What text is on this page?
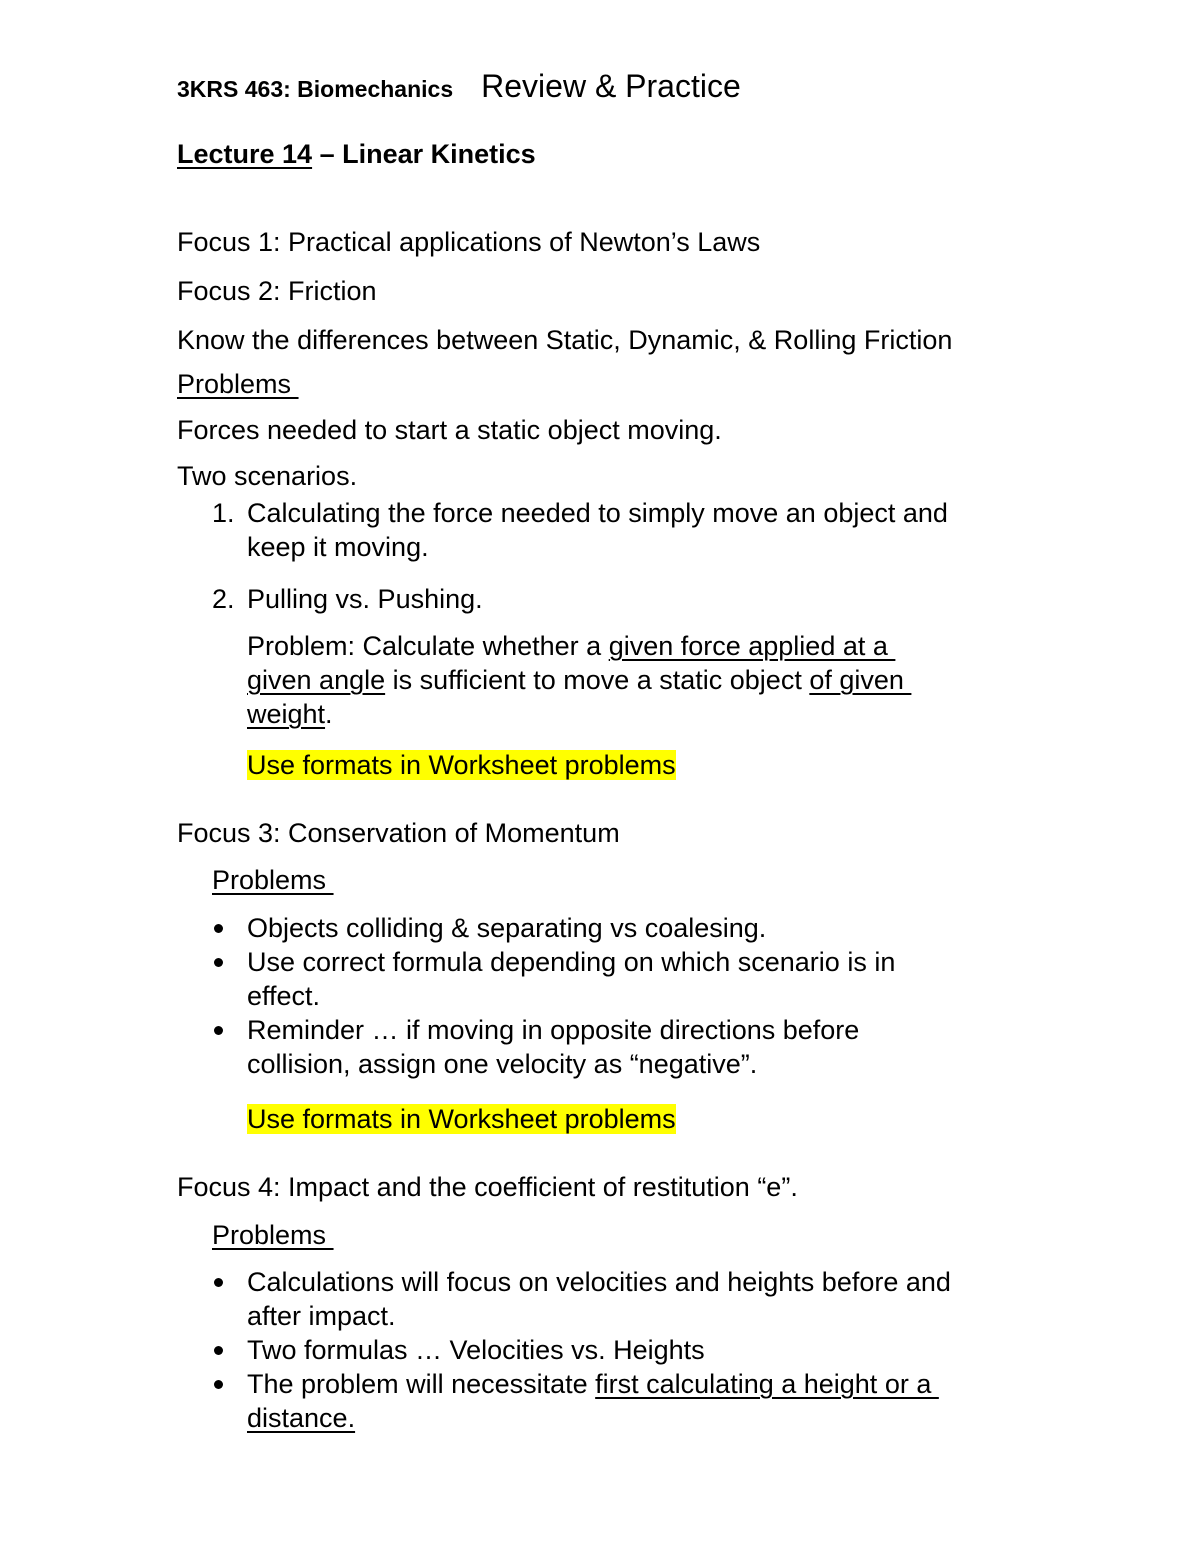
3KRS 463: Biomechanics Review & Practice
Lecture 14 – Linear Kinetics
Focus 1: Practical applications of Newton’s Laws
Focus 2: Friction
Know the differences between Static, Dynamic, & Rolling Friction
Problems
Forces needed to start a static object moving.
Two scenarios.
1. Calculating the force needed to simply move an object and
keep it moving.
2. Pulling vs. Pushing.
Problem: Calculate whether a given force applied at a
given angle is sufficient to move a static object of given
weight.
Use formats in Worksheet problems
Focus 3: Conservation of Momentum
Problems
Objects colliding & separating vs coalesing.
Use correct formula depending on which scenario is in
effect.
Reminder … if moving in opposite directions before
collision, assign one velocity as “negative”.
Use formats in Worksheet problems
Focus 4: Impact and the coefficient of restitution “e”.
Problems
Calculations will focus on velocities and heights before and
after impact.
Two formulas … Velocities vs. Heights
The problem will necessitate first calculating a height or a
distance.
